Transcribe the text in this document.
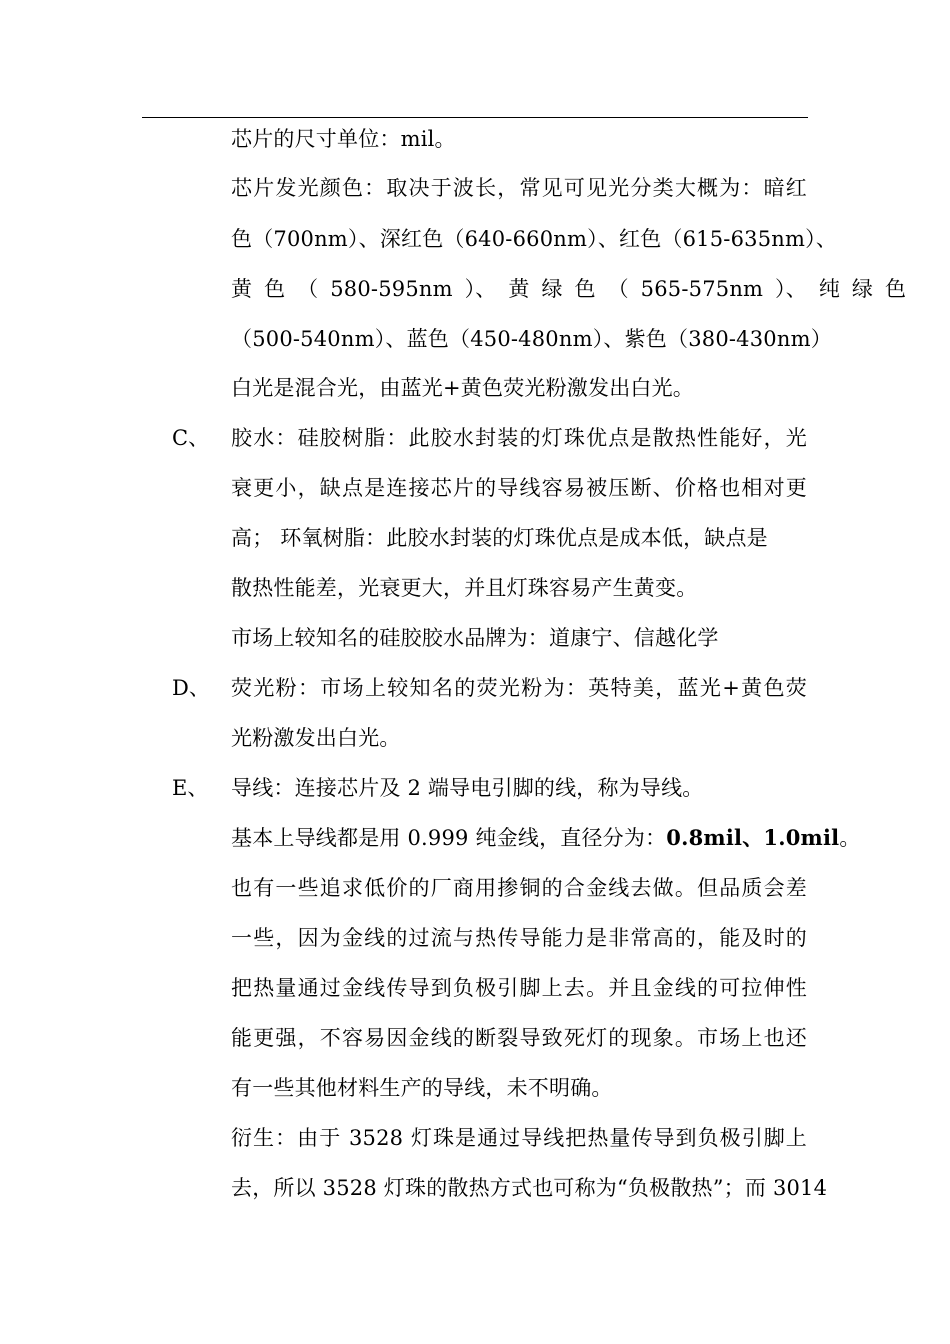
芯片的尺寸单位：mil。
芯片发光颜色：取决于波长，常见可见光分类大概为：暗红
色（700nm）、深红色（640-660nm）、红色（615-635nm）、
黄 色 （ 580-595nm ）、 黄 绿 色 （ 565-575nm ）、 纯 绿 色
（500-540nm）、蓝色（450-480nm）、紫色（380-430nm）
白光是混合光，由蓝光+黄色荧光粉激发出白光。
C、 胶水：硅胶树脂：此胶水封装的灯珠优点是散热性能好，光
衰更小，缺点是连接芯片的导线容易被压断、价格也相对更
高； 环氧树脂：此胶水封装的灯珠优点是成本低，缺点是
散热性能差，光衰更大，并且灯珠容易产生黄变。
市场上较知名的硅胶胶水品牌为：道康宁、信越化学
D、 荧光粉：市场上较知名的荧光粉为：英特美，蓝光+黄色荧
光粉激发出白光。
E、 导线：连接芯片及 2 端导电引脚的线，称为导线。
基本上导线都是用 0.999 纯金线，直径分为：0.8mil、1.0mil。
也有一些追求低价的厂商用掺铜的合金线去做。但品质会差
一些，因为金线的过流与热传导能力是非常高的，能及时的
把热量通过金线传导到负极引脚上去。并且金线的可拉伸性
能更强，不容易因金线的断裂导致死灯的现象。市场上也还
有一些其他材料生产的导线，未不明确。
衍生：由于 3528 灯珠是通过导线把热量传导到负极引脚上
去，所以 3528 灯珠的散热方式也可称为“负极散热”；而 3014
